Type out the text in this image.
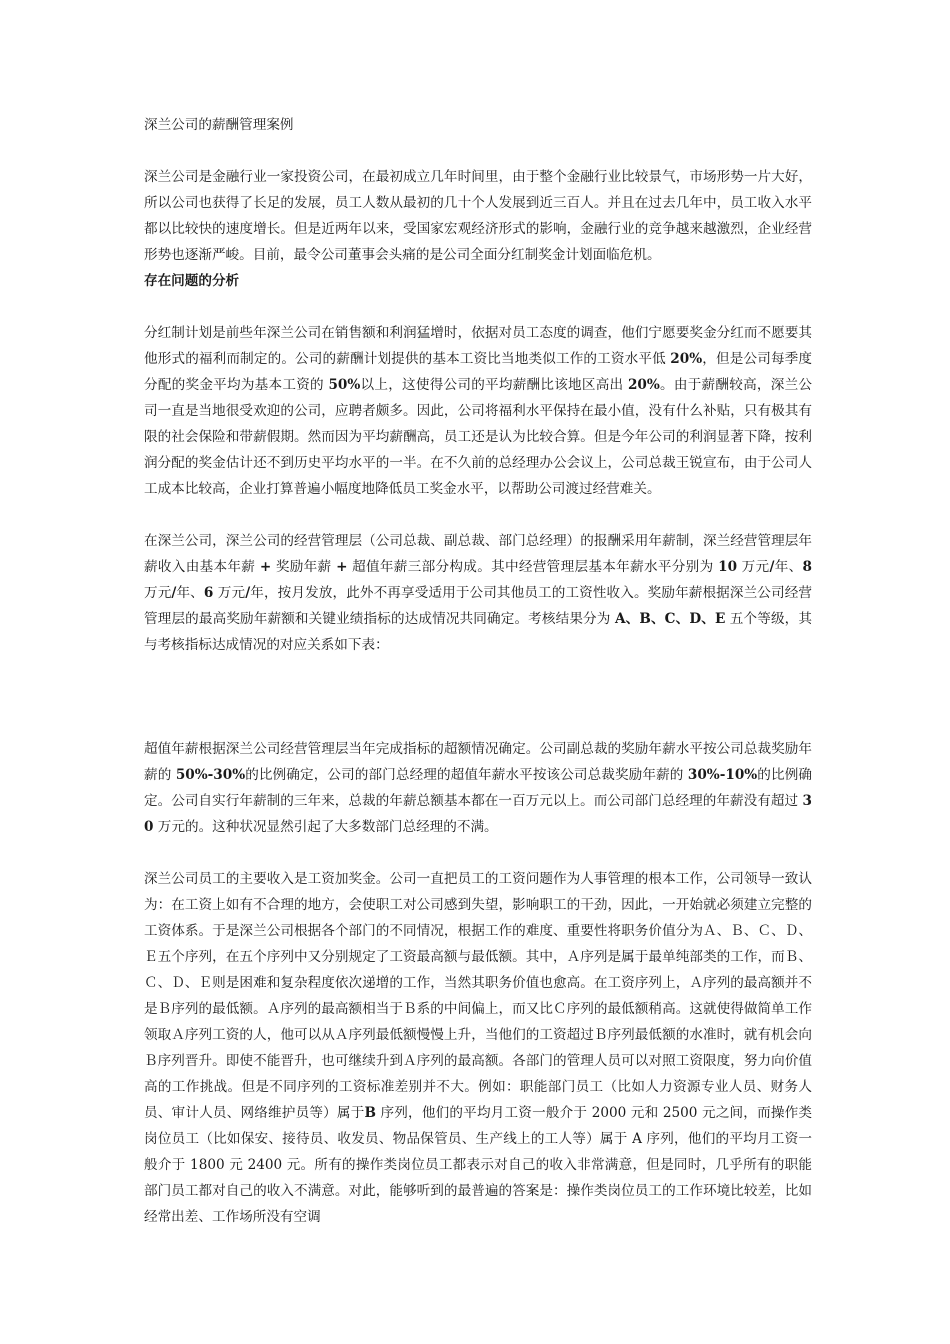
深兰公司的薪酬管理案例

深兰公司是金融行业一家投资公司，在最初成立几年时间里，由于整个金融行业比较景气，市场形势一片大好，所以公司也获得了长足的发展，员工人数从最初的几十个人发展到近三百人。并且在过去几年中，员工收入水平都以比较快的速度增长。但是近两年以来，受国家宏观经济形式的影响，金融行业的竞争越来越激烈，企业经营形势也逐渐严峻。目前，最令公司董事会头痛的是公司全面分红制奖金计划面临危机。

存在问题的分析

分红制计划是前些年深兰公司在销售额和利润猛增时，依据对员工态度的调查，他们宁愿要奖金分红而不愿要其他形式的福利而制定的。公司的薪酬计划提供的基本工资比当地类似工作的工资水平低 20%，但是公司每季度分配的奖金平均为基本工资的 50%以上，这使得公司的平均薪酬比该地区高出 20%。由于薪酬较高，深兰公司一直是当地很受欢迎的公司，应聘者颇多。因此，公司将福利水平保持在最小值，没有什么补贴，只有极其有限的社会保险和带薪假期。然而因为平均薪酬高，员工还是认为比较合算。但是今年公司的利润显著下降，按利润分配的奖金估计还不到历史平均水平的一半。在不久前的总经理办公会议上，公司总裁王锐宣布，由于公司人工成本比较高，企业打算普遍小幅度地降低员工奖金水平，以帮助公司渡过经营难关。

在深兰公司，深兰公司的经营管理层（公司总裁、副总裁、部门总经理）的报酬采用年薪制，深兰经营管理层年薪收入由基本年薪 + 奖励年薪 + 超值年薪三部分构成。其中经营管理层基本年薪水平分别为 10 万元/年、8 万元/年、6 万元/年，按月发放，此外不再享受适用于公司其他员工的工资性收入。奖励年薪根据深兰公司经营管理层的最高奖励年薪额和关键业绩指标的达成情况共同确定。考核结果分为 A、B、C、D、E 五个等级，其与考核指标达成情况的对应关系如下表：

超值年薪根据深兰公司经营管理层当年完成指标的超额情况确定。公司副总裁的奖励年薪水平按公司总裁奖励年薪的 50%-30%的比例确定，公司的部门总经理的超值年薪水平按该公司总裁奖励年薪的 30%-10%的比例确定。公司自实行年薪制的三年来，总裁的年薪总额基本都在一百万元以上。而公司部门总经理的年薪没有超过 30 万元的。这种状况显然引起了大多数部门总经理的不满。

深兰公司员工的主要收入是工资加奖金。公司一直把员工的工资问题作为人事管理的根本工作，公司领导一致认为：在工资上如有不合理的地方，会使职工对公司感到失望，影响职工的干劲，因此，一开始就必须建立完整的工资体系。于是深兰公司根据各个部门的不同情况，根据工作的难度、重要性将职务价值分为Ａ、Ｂ、Ｃ、Ｄ、Ｅ五个序列，在五个序列中又分别规定了工资最高额与最低额。其中，Ａ序列是属于最单纯部类的工作，而Ｂ、Ｃ、Ｄ、Ｅ则是困难和复杂程度依次递增的工作，当然其职务价值也愈高。在工资序列上，Ａ序列的最高额并不是Ｂ序列的最低额。Ａ序列的最高额相当于Ｂ系的中间偏上，而又比Ｃ序列的最低额稍高。这就使得做简单工作领取Ａ序列工资的人，他可以从Ａ序列最低额慢慢上升，当他们的工资超过Ｂ序列最低额的水准时，就有机会向Ｂ序列晋升。即使不能晋升，也可继续升到Ａ序列的最高额。各部门的管理人员可以对照工资限度，努力向价值高的工作挑战。但是不同序列的工资标准差别并不大。例如：职能部门员工（比如人力资源专业人员、财务人员、审计人员、网络维护员等）属于B 序列，他们的平均月工资一般介于 2000 元和 2500 元之间，而操作类岗位员工（比如保安、接待员、收发员、物品保管员、生产线上的工人等）属于 A 序列，他们的平均月工资一般介于 1800 元 2400 元。所有的操作类岗位员工都表示对自己的收入非常满意，但是同时，几乎所有的职能部门员工都对自己的收入不满意。对此，能够听到的最普遍的答案是：操作类岗位员工的工作环境比较差，比如经常出差、工作场所没有空调
